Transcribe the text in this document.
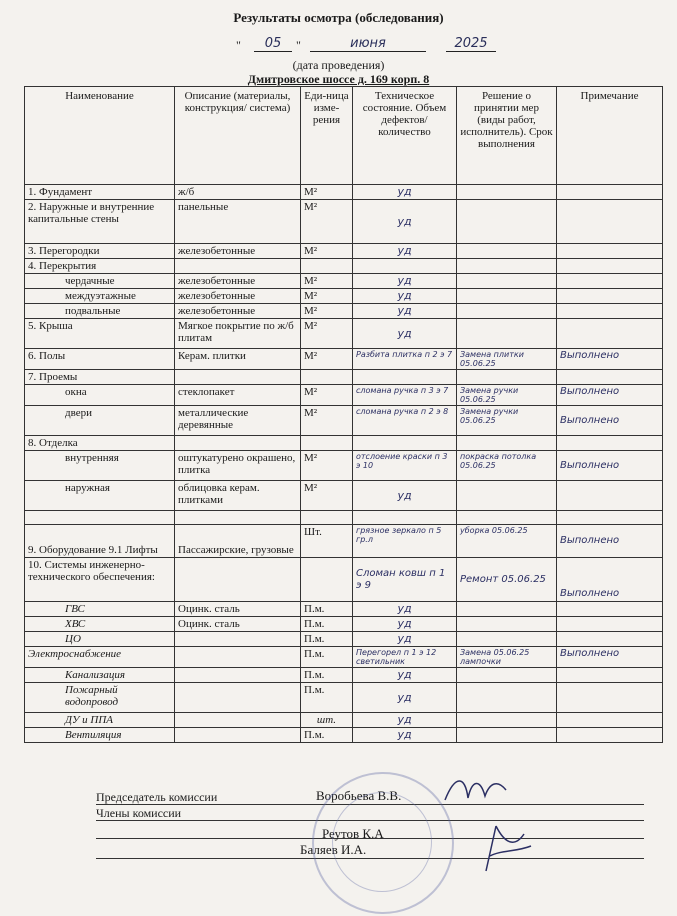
Результаты осмотра (обследования)
"	05	"	июня	2025
(дата проведения)
Дмитровское шоссе д. 169 корп. 8
Наименование	Описание (материалы, конструкция/ система)	Еди-ница изме-рения	Техническое состояние. Объем дефектов/ количество	Решение о принятии мер (виды работ, исполнитель). Срок выполнения	Примечание
1. Фундамент	ж/б	М²	уд		
2. Наружные и внутренние капитальные стены	панельные	М²	уд		
3. Перегородки	железобетонные	М²	уд		
4. Перекрытия					
чердачные	железобетонные	М²	уд		
междуэтажные	железобетонные	М²	уд		
подвальные	железобетонные	М²	уд		
5. Крыша	Мягкое покрытие по ж/б плитам	М²	уд		
6. Полы	Керам. плитки	М²	Разбита плитка п 2 э 7	Замена плитки 05.06.25	Выполнено
7. Проемы					
окна	стеклопакет	М²	сломана ручка п 3 э 7	Замена ручки 05.06.25	Выполнено
двери	металлические деревянные	М²	сломана ручка п 2 э 8	Замена ручки 05.06.25	Выполнено
8. Отделка					
внутренняя	оштукатурено окрашено, плитка	М²	отслоение краски п 3 э 10	покраска потолка 05.06.25	Выполнено
наружная	облицовка керам. плитками	М²	уд		

9. Оборудование 9.1 Лифты	Пассажирские, грузовые	Шт.	грязное зеркало п 5 гр.л	уборка 05.06.25	Выполнено
10. Системы инженерно-технического обеспечения:			Сломан ковш п 1 э 9	Ремонт 05.06.25	Выполнено
ГВС	Оцинк. сталь	П.м.	уд		
ХВС	Оцинк. сталь	П.м.	уд		
ЦО		П.м.	уд		
Электроснабжение		П.м.	Перегорел п 1 э 12 светильник	Замена 05.06.25 лампочки	Выполнено
Канализация		П.м.	уд		
Пожарный водопровод		П.м.	уд		
ДУ и ППА		шт.	уд		
Вентиляция		П.м.	уд		
Председатель комиссии	Воробьева В.В.
Члены комиссии
Реутов К.А
Баляев И.А.
